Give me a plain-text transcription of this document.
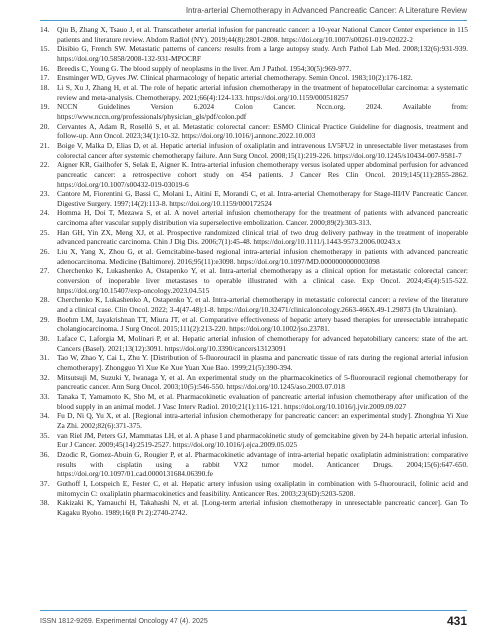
Intra-arterial Chemotherapy in Advanced Pancreatic Cancer: A Literature Review
14.	Qiu B, Zhang X, Tsauo J, et al. Transcatheter arterial infusion for pancreatic cancer: a 10-year National Cancer Center experience in 115 patients and literature review. Abdom Radiol (NY). 2019;44(8):2801-2808. https://doi.org/10.1007/s00261-019-02022-2
15.	Disibio G, French SW. Metastatic patterns of cancers: results from a large autopsy study. Arch Pathol Lab Med. 2008;132(6):931-939. https://doi.org/10.5858/2008-132-931-MPOCRF
16.	Breedis C, Young G. The blood supply of neoplasms in the liver. Am J Pathol. 1954;30(5):969-977.
17.	Ensminger WD, Gyves JW. Clinical pharmacology of hepatic arterial chemotherapy. Semin Oncol. 1983;10(2):176-182.
18.	Li S, Xu J, Zhang H, et al. The role of hepatic arterial infusion chemotherapy in the treatment of hepatocellular carcinoma: a systematic review and meta-analysis. Chemotherapy. 2021;66(4):124-133. https://doi.org/10.1159/000518257
19.	NCCN Guidelines Version 6.2024 Colon Cancer. Nccn.org. 2024. Available from: https://www.nccn.org/professionals/physician_gls/pdf/colon.pdf
20.	Cervantes A, Adam R, Roselló S, et al. Metastatic colorectal cancer: ESMO Clinical Practice Guideline for diagnosis, treatment and follow-up. Ann Oncol. 2023;34(1):10-32. https://doi.org/10.1016/j.annonc.2022.10.003
21.	Boige V, Malka D, Elias D, et al. Hepatic arterial infusion of oxaliplatin and intravenous LV5FU2 in unresectable liver metastases from colorectal cancer after systemic chemotherapy failure. Ann Surg Oncol. 2008;15(1):219-226. https://doi.org/10.1245/s10434-007-9581-7
22.	Aigner KR, Gailhofer S, Selak E, Aigner K. Intra-arterial infusion chemotherapy versus isolated upper abdominal perfusion for advanced pancreatic cancer: a retrospective cohort study on 454 patients. J Cancer Res Clin Oncol. 2019;145(11):2855-2862. https://doi.org/10.1007/s00432-019-03019-6
23.	Cantore M, Fiorentini G, Bassi C, Molani L, Aitini E, Morandi C, et al. Intra-arterial Chemotherapy for Stage-III/IV Pancreatic Cancer. Digestive Surgery. 1997;14(2):113-8. https://doi.org/10.1159/000172524
24.	Homma H, Doi T, Mezawa S, et al. A novel arterial infusion chemotherapy for the treatment of patients with advanced pancreatic carcinoma after vascular supply distribution via superselective embolization. Cancer. 2000;89(2):303-313.
25.	Han GH, Yin ZX, Meng XJ, et al. Prospective randomized clinical trial of two drug delivery pathway in the treatment of inoperable advanced pancreatic carcinoma. Chin J Dig Dis. 2006;7(1):45-48. https://doi.org/10.1111/j.1443-9573.2006.00243.x
26.	Liu X, Yang X, Zhou G, et al. Gemcitabine-based regional intra-arterial infusion chemotherapy in patients with advanced pancreatic adenocarcinoma. Medicine (Baltimore). 2016;95(11):e3098. https://doi.org/10.1097/MD.0000000000003098
27.	Cherchenko K, Lukashenko A, Ostapenko Y, et al. Intra-arterial chemotherapy as a clinical option for metastatic colorectal cancer: conversion of inoperable liver metastases to operable illustrated with a clinical case. Exp Oncol. 2024;45(4):515-522. https://doi.org/10.15407/exp-oncology.2023.04.515
28.	Cherchenko K, Lukashenko A, Ostapenko Y, et al. Intra-arterial chemotherapy in metastatic colorectal cancer: a review of the literature and a clinical case. Clin Oncol. 2022; 3-4(47-48):1-8. https://doi.org/10.32471/clinicaloncology.2663-466X.49-1.29873 (In Ukrainian).
29.	Boehm LM, Jayakrishnan TT, Miura JT, et al. Comparative effectiveness of hepatic artery based therapies for unresectable intrahepatic cholangiocarcinoma. J Surg Oncol. 2015;111(2):213-220. https://doi.org/10.1002/jso.23781.
30.	Laface C, Laforgia M, Molinari P, et al. Hepatic arterial infusion of chemotherapy for advanced hepatobiliary cancers: state of the art. Cancers (Basel). 2021;13(12):3091. https://doi.org/10.3390/cancers13123091
31.	Tao W, Zhao Y, Cai L, Zhu Y. [Distribution of 5-fluorouracil in plasma and pancreatic tissue of rats during the regional arterial infusion chemotherapy]. Zhongguo Yi Xue Ke Xue Yuan Xue Bao. 1999;21(5):390-394.
32.	Mitsutsuji M, Suzuki Y, Iwanaga Y, et al. An experimental study on the pharmacokinetics of 5-fluorouracil regional chemotherapy for pancreatic cancer. Ann Surg Oncol. 2003;10(5):546-550. https://doi.org/10.1245/aso.2003.07.018
33.	Tanaka T, Yamamoto K, Sho M, et al. Pharmacokinetic evaluation of pancreatic arterial infusion chemotherapy after unification of the blood supply in an animal model. J Vasc Interv Radiol. 2010;21(1):116-121. https://doi.org/10.1016/j.jvir.2009.09.027
34.	Fu D, Ni Q, Yu X, et al. [Regional intra-arterial infusion chemotherapy for pancreatic cancer: an experimental study]. Zhonghua Yi Xue Za Zhi. 2002;82(6):371-375.
35.	van Riel JM, Peters GJ, Mammatas LH, et al. A phase I and pharmacokinetic study of gemcitabine given by 24-h hepatic arterial infusion. Eur J Cancer. 2009;45(14):2519-2527. https://doi.org/10.1016/j.ejca.2009.05.025
36.	Dzodic R, Gomez-Abuin G, Rougier P, et al. Pharmacokinetic advantage of intra-arterial hepatic oxaliplatin administration: comparative results with cisplatin using a rabbit VX2 tumor model. Anticancer Drugs. 2004;15(6):647-650. https://doi.org/10.1097/01.cad.0000131684.06390.fe
37.	Guthoff I, Lotspeich E, Fester C, et al. Hepatic artery infusion using oxaliplatin in combination with 5-fluorouracil, folinic acid and mitomycin C: oxaliplatin pharmacokinetics and feasibility. Anticancer Res. 2003;23(6D):5203-5208.
38.	Kakizaki K, Yamauchi H, Takahashi N, et al. [Long-term arterial infusion chemotherapy in unresectable pancreatic cancer]. Gan To Kagaku Ryoho. 1989;16(8 Pt 2):2740-2742.
ISSN 1812-9269. Experimental Oncology 47 (4). 2025	431
